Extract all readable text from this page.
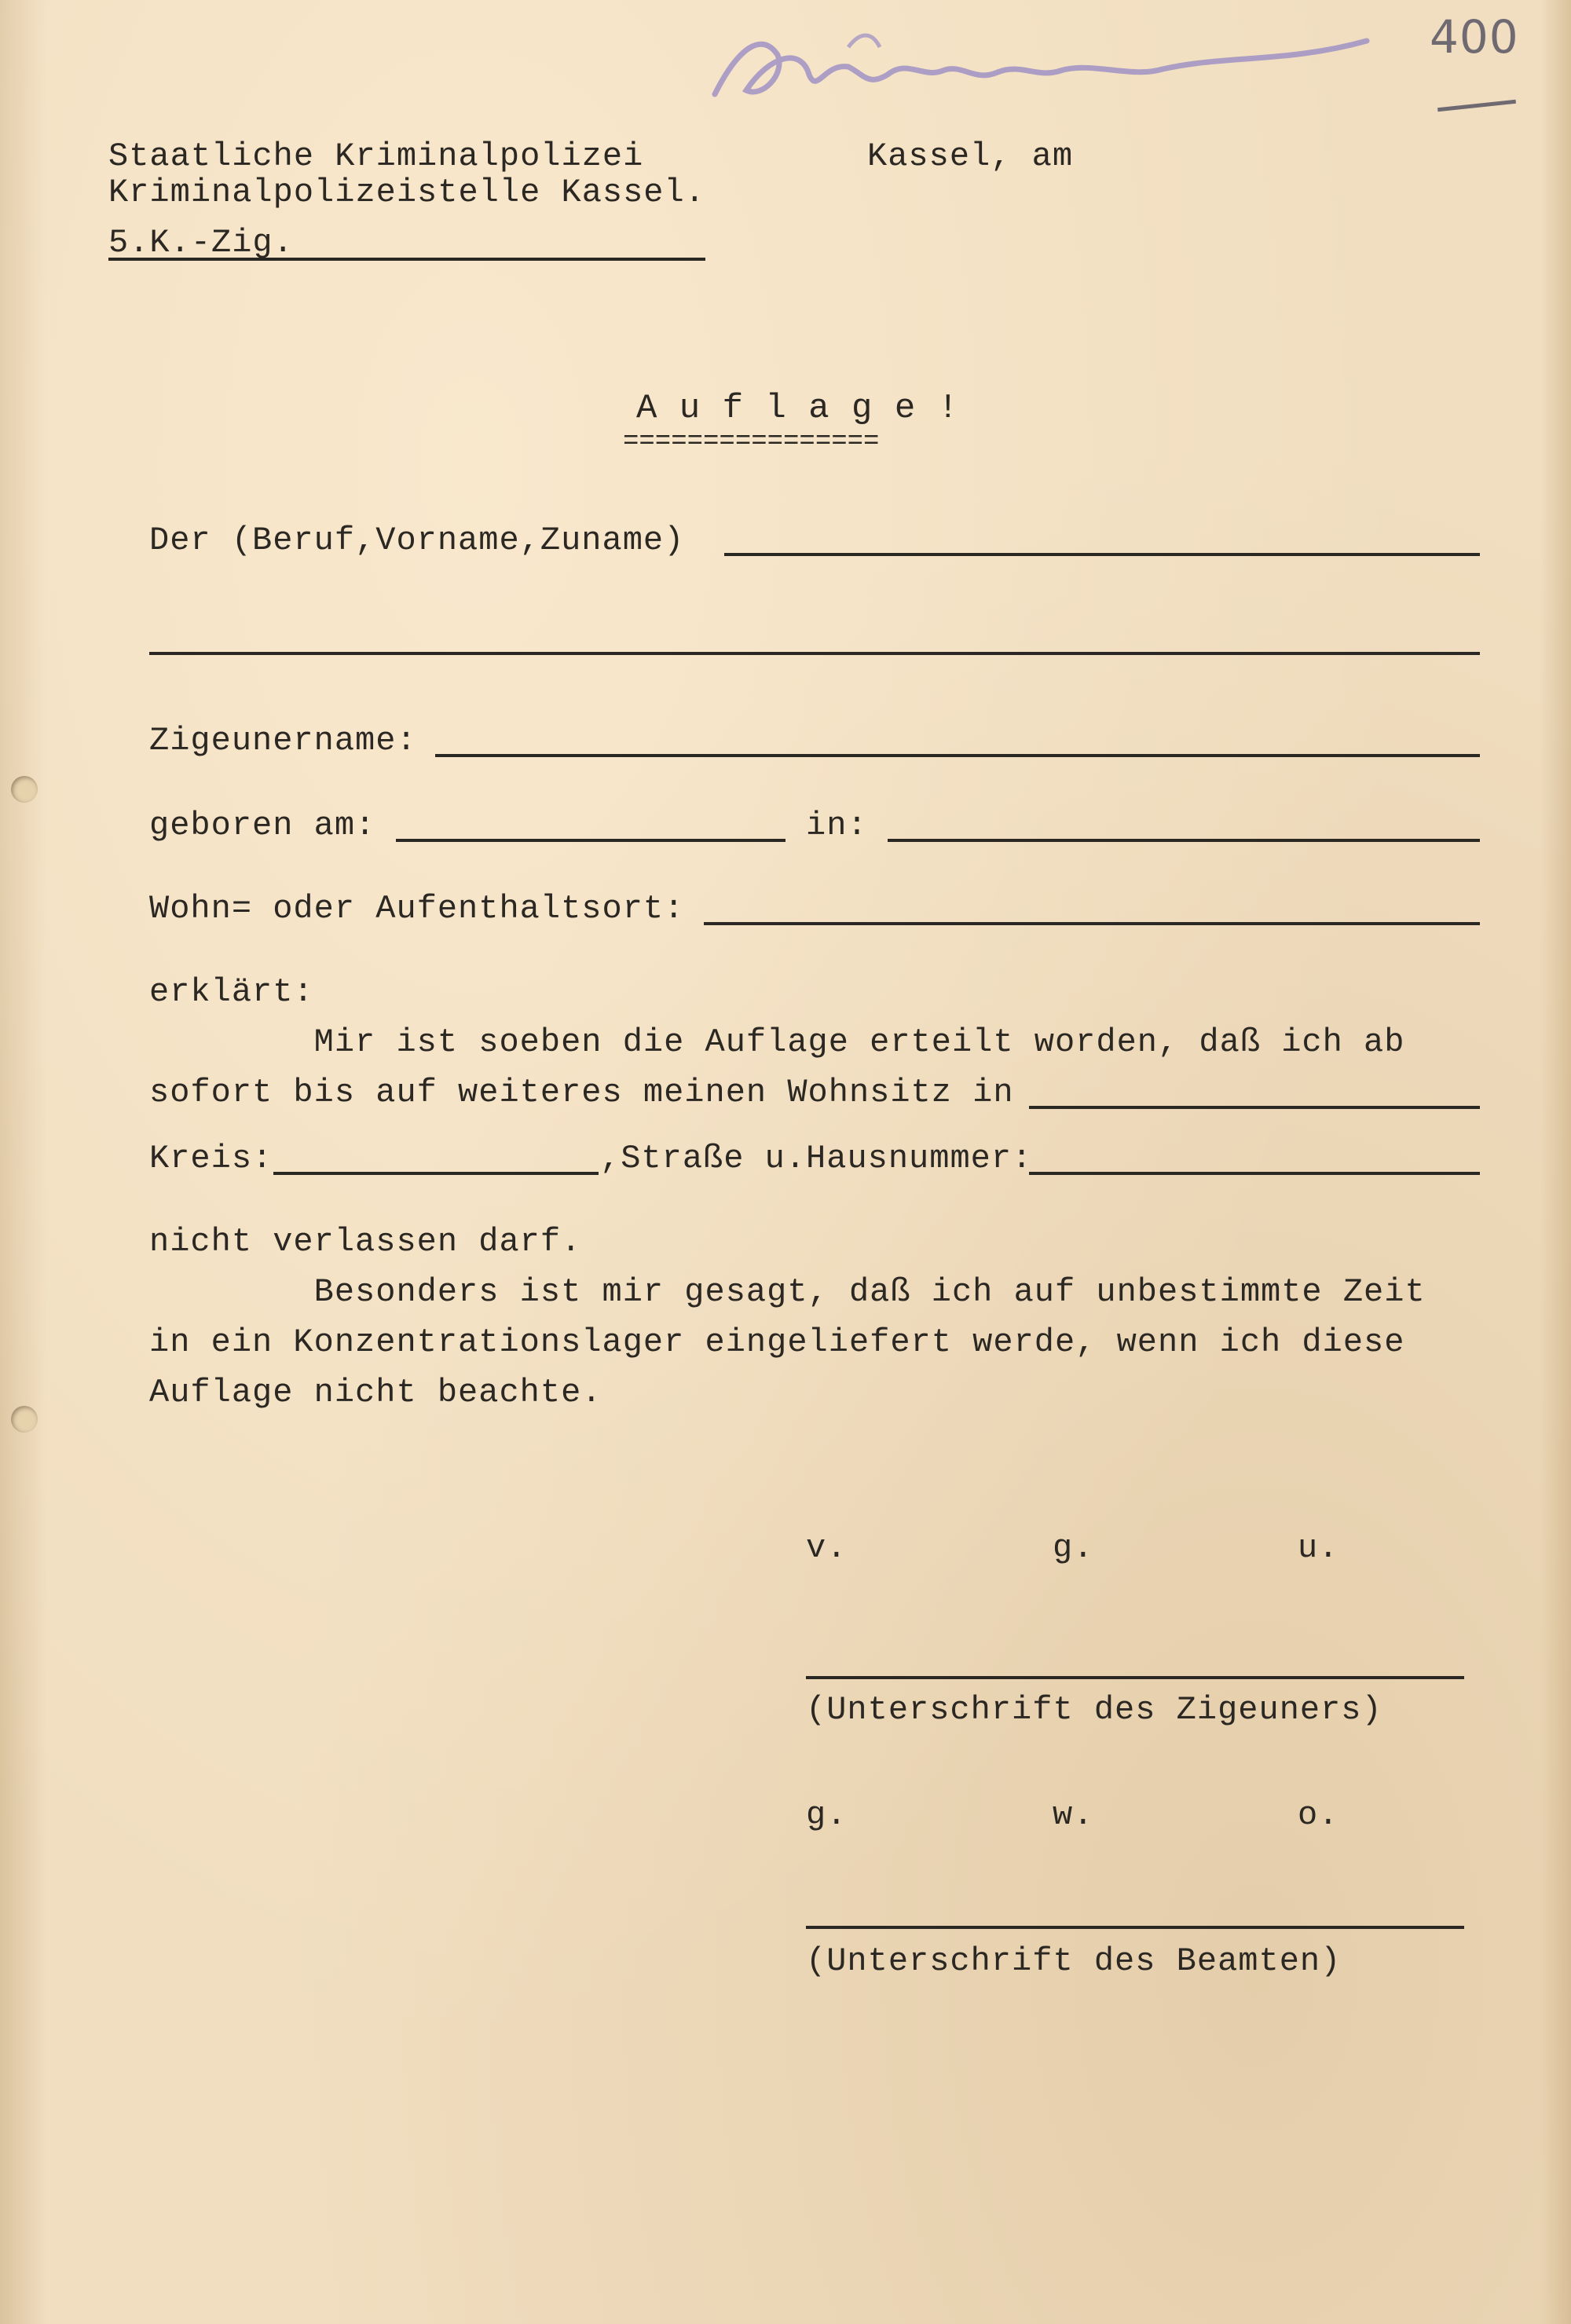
400
Staatliche Kriminalpolizei
Kriminalpolizeistelle Kassel.
Kassel, am
5.K.-Zig.
A u f l a g e !
================
Der (Beruf,Vorname,Zuname)
Zigeunername:
geboren am:	in:
Wohn= oder Aufenthaltsort:
erklärt:
Mir ist soeben die Auflage erteilt worden, daß ich ab
sofort bis auf weiteres meinen Wohnsitz in
Kreis:	,Straße u.Hausnummer:
nicht verlassen darf.
Besonders ist mir gesagt, daß ich auf unbestimmte Zeit
in ein Konzentrationslager eingeliefert werde, wenn ich diese
Auflage nicht beachte.
v.	g.	u.
(Unterschrift des Zigeuners)
g.	w.	o.
(Unterschrift des Beamten)
